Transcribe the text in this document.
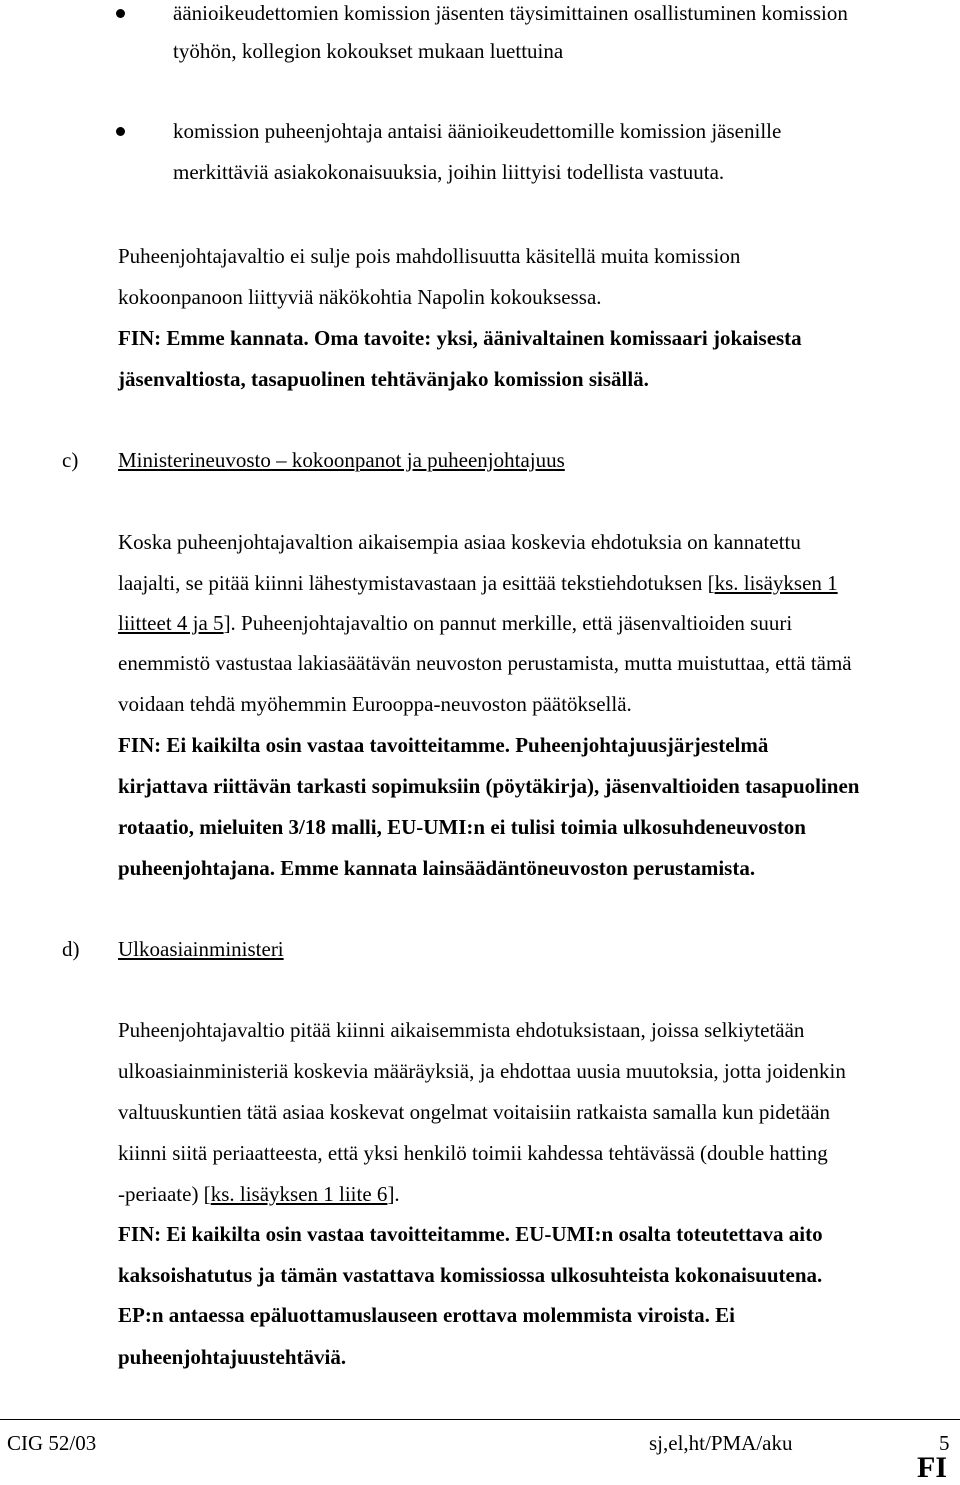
äänioikeudettomien komission jäsenten täysimittainen osallistuminen komission
työhön, kollegion kokoukset mukaan luettuina
komission puheenjohtaja antaisi äänioikeudettomille komission jäsenille
merkittäviä asiakokonaisuuksia, joihin liittyisi todellista vastuuta.
Puheenjohtajavaltio ei sulje pois mahdollisuutta käsitellä muita komission
kokoonpanoon liittyviä näkökohtia Napolin kokouksessa.
FIN: Emme kannata. Oma tavoite: yksi, äänivaltainen komissaari jokaisesta
jäsenvaltiosta, tasapuolinen tehtävänjako komission sisällä.
c) Ministerineuvosto – kokoonpanot ja puheenjohtajuus
Koska puheenjohtajavaltion aikaisempia asiaa koskevia ehdotuksia on kannatettu
laajalti, se pitää kiinni lähestymistavastaan ja esittää tekstiehdotuksen [ks. lisäyksen 1
liitteet 4 ja 5]. Puheenjohtajavaltio on pannut merkille, että jäsenvaltioiden suuri
enemmistö vastustaa lakiasäätävän neuvoston perustamista, mutta muistuttaa, että tämä
voidaan tehdä myöhemmin Eurooppa-neuvoston päätöksellä.
FIN: Ei kaikilta osin vastaa tavoitteitamme. Puheenjohtajuusjärjestelmä
kirjattava riittävän tarkasti sopimuksiin (pöytäkirja), jäsenvaltioiden tasapuolinen
rotaatio, mieluiten 3/18 malli, EU-UMI:n ei tulisi toimia ulkosuhdeneuvoston
puheenjohtajana. Emme kannata lainsäädäntöneuvoston perustamista.
d) Ulkoasiainministeri
Puheenjohtajavaltio pitää kiinni aikaisemmista ehdotuksistaan, joissa selkiytetään
ulkoasiainministeriä koskevia määräyksiä, ja ehdottaa uusia muutoksia, jotta joidenkin
valtuuskuntien tätä asiaa koskevat ongelmat voitaisiin ratkaista samalla kun pidetään
kiinni siitä periaatteesta, että yksi henkilö toimii kahdessa tehtävässä (double hatting
-periaate) [ks. lisäyksen 1 liite 6].
FIN: Ei kaikilta osin vastaa tavoitteitamme. EU-UMI:n osalta toteutettava aito
kaksoishatutus ja tämän vastattava komissiossa ulkosuhteista kokonaisuutena.
EP:n antaessa epäluottamuslauseen erottava molemmista viroista. Ei
puheenjohtajuustehtäviä.
CIG 52/03	sj,el,ht/PMA/aku	5
FI
